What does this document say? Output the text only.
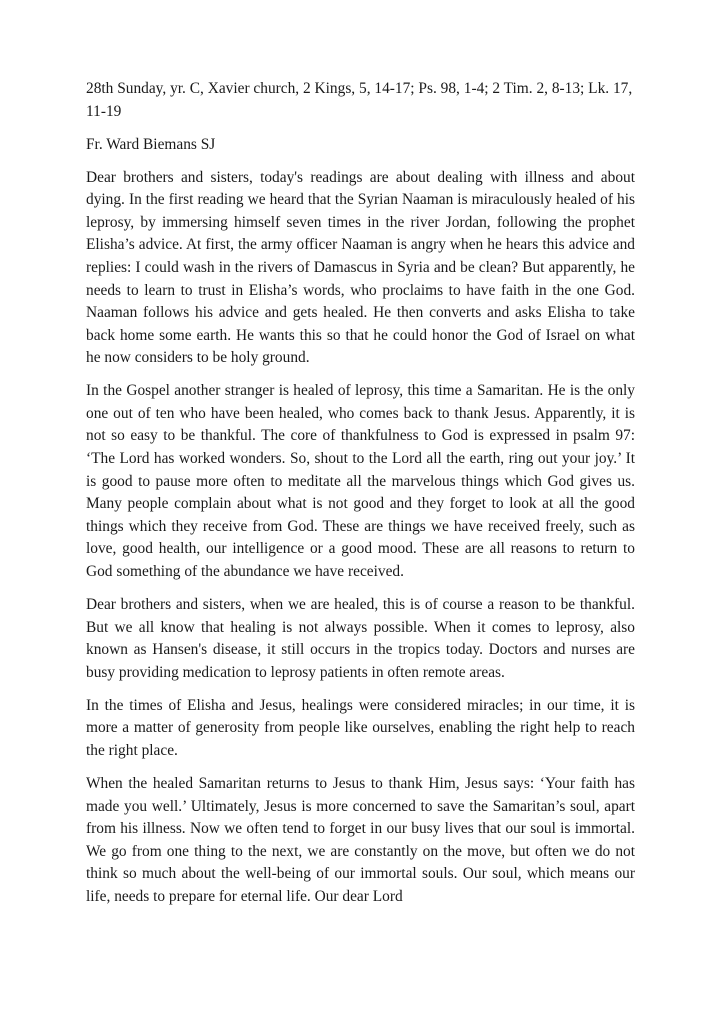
28th Sunday, yr. C, Xavier church, 2 Kings, 5, 14-17; Ps. 98, 1-4; 2 Tim. 2, 8-13; Lk. 17, 11-19

Fr. Ward Biemans SJ

Dear brothers and sisters, today's readings are about dealing with illness and about dying. In the first reading we heard that the Syrian Naaman is miraculously healed of his leprosy, by immersing himself seven times in the river Jordan, following the prophet Elisha’s advice. At first, the army officer Naaman is angry when he hears this advice and replies: I could wash in the rivers of Damascus in Syria and be clean? But apparently, he needs to learn to trust in Elisha’s words, who proclaims to have faith in the one God. Naaman follows his advice and gets healed. He then converts and asks Elisha to take back home some earth. He wants this so that he could honor the God of Israel on what he now considers to be holy ground.

In the Gospel another stranger is healed of leprosy, this time a Samaritan. He is the only one out of ten who have been healed, who comes back to thank Jesus. Apparently, it is not so easy to be thankful. The core of thankfulness to God is expressed in psalm 97: ‘The Lord has worked wonders. So, shout to the Lord all the earth, ring out your joy.’ It is good to pause more often to meditate all the marvelous things which God gives us. Many people complain about what is not good and they forget to look at all the good things which they receive from God. These are things we have received freely, such as love, good health, our intelligence or a good mood. These are all reasons to return to God something of the abundance we have received.

Dear brothers and sisters, when we are healed, this is of course a reason to be thankful. But we all know that healing is not always possible. When it comes to leprosy, also known as Hansen's disease, it still occurs in the tropics today. Doctors and nurses are busy providing medication to leprosy patients in often remote areas.

In the times of Elisha and Jesus, healings were considered miracles; in our time, it is more a matter of generosity from people like ourselves, enabling the right help to reach the right place.

When the healed Samaritan returns to Jesus to thank Him, Jesus says: ‘Your faith has made you well.’ Ultimately, Jesus is more concerned to save the Samaritan’s soul, apart from his illness. Now we often tend to forget in our busy lives that our soul is immortal. We go from one thing to the next, we are constantly on the move, but often we do not think so much about the well-being of our immortal souls. Our soul, which means our life, needs to prepare for eternal life. Our dear Lord
